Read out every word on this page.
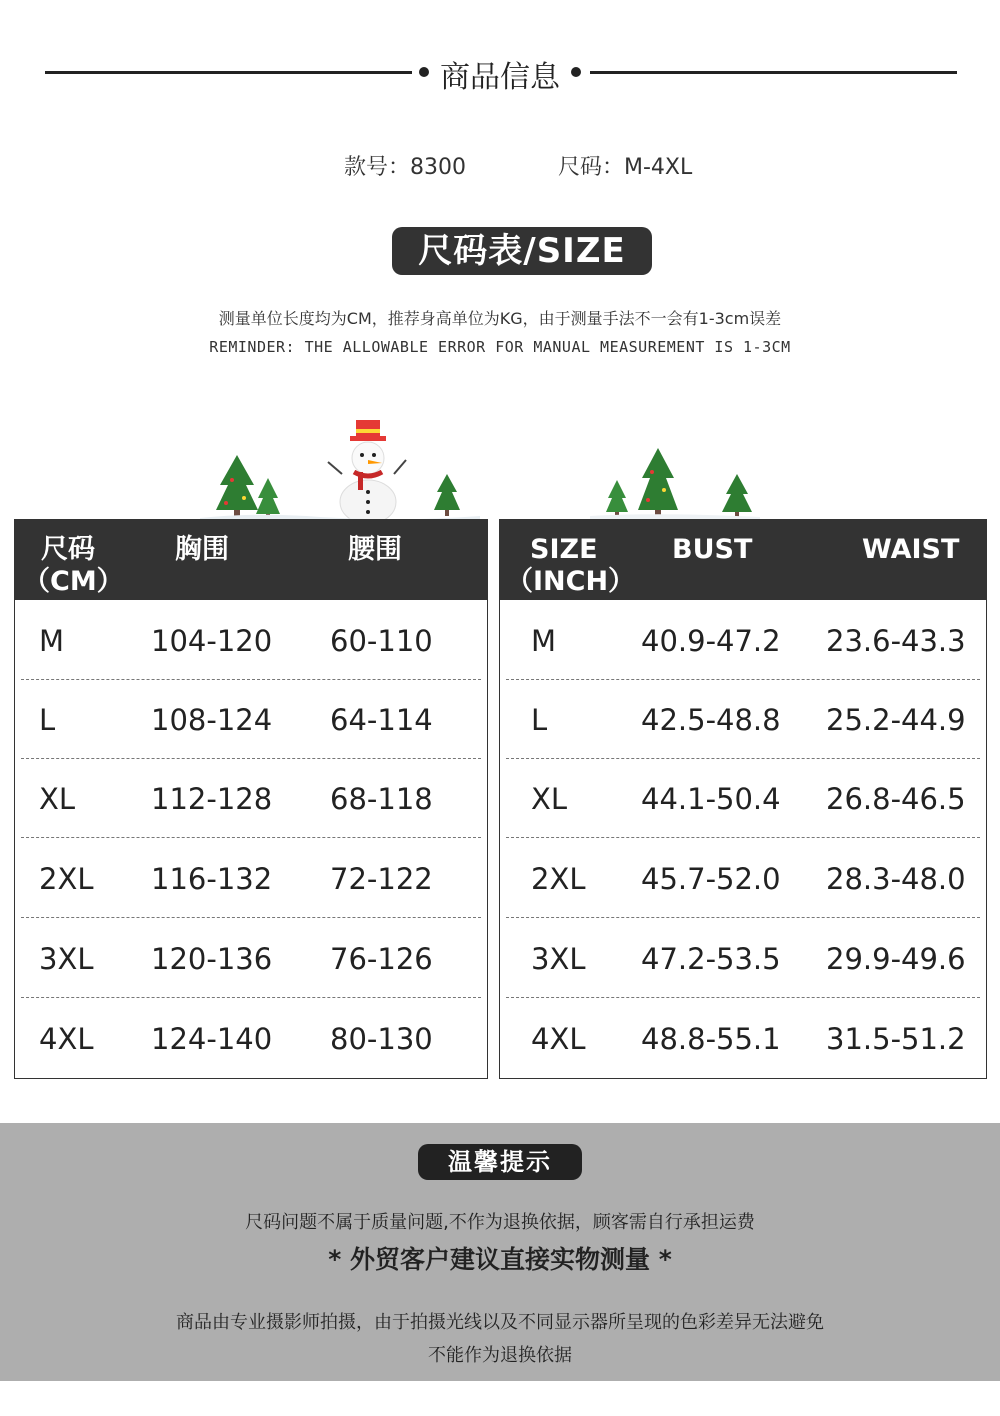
商品信息
款号：8300	尺码：M-4XL
尺码表/SIZE
测量单位长度均为CM，推荐身高单位为KG，由于测量手法不一会有1-3cm误差
REMINDER: THE ALLOWABLE ERROR FOR MANUAL MEASUREMENT IS 1-3CM
尺码
（CM）
胸围	腰围
M	104-120 60-110
L	108-124 64-114
XL	112-128 68-118
2XL 116-132 72-122
3XL 120-136 76-126
4XL 124-140 80-130
SIZE
（INCH）
BUST	WAIST
M	40.9-47.2 23.6-43.3
L	42.5-48.8 25.2-44.9
XL	44.1-50.4 26.8-46.5
2XL 45.7-52.0 28.3-48.0
3XL 47.2-53.5 29.9-49.6
4XL 48.8-55.1 31.5-51.2
温馨提示
尺码问题不属于质量问题,不作为退换依据，顾客需自行承担运费
* 外贸客户建议直接实物测量 *
商品由专业摄影师拍摄，由于拍摄光线以及不同显示器所呈现的色彩差异无法避免
不能作为退换依据
